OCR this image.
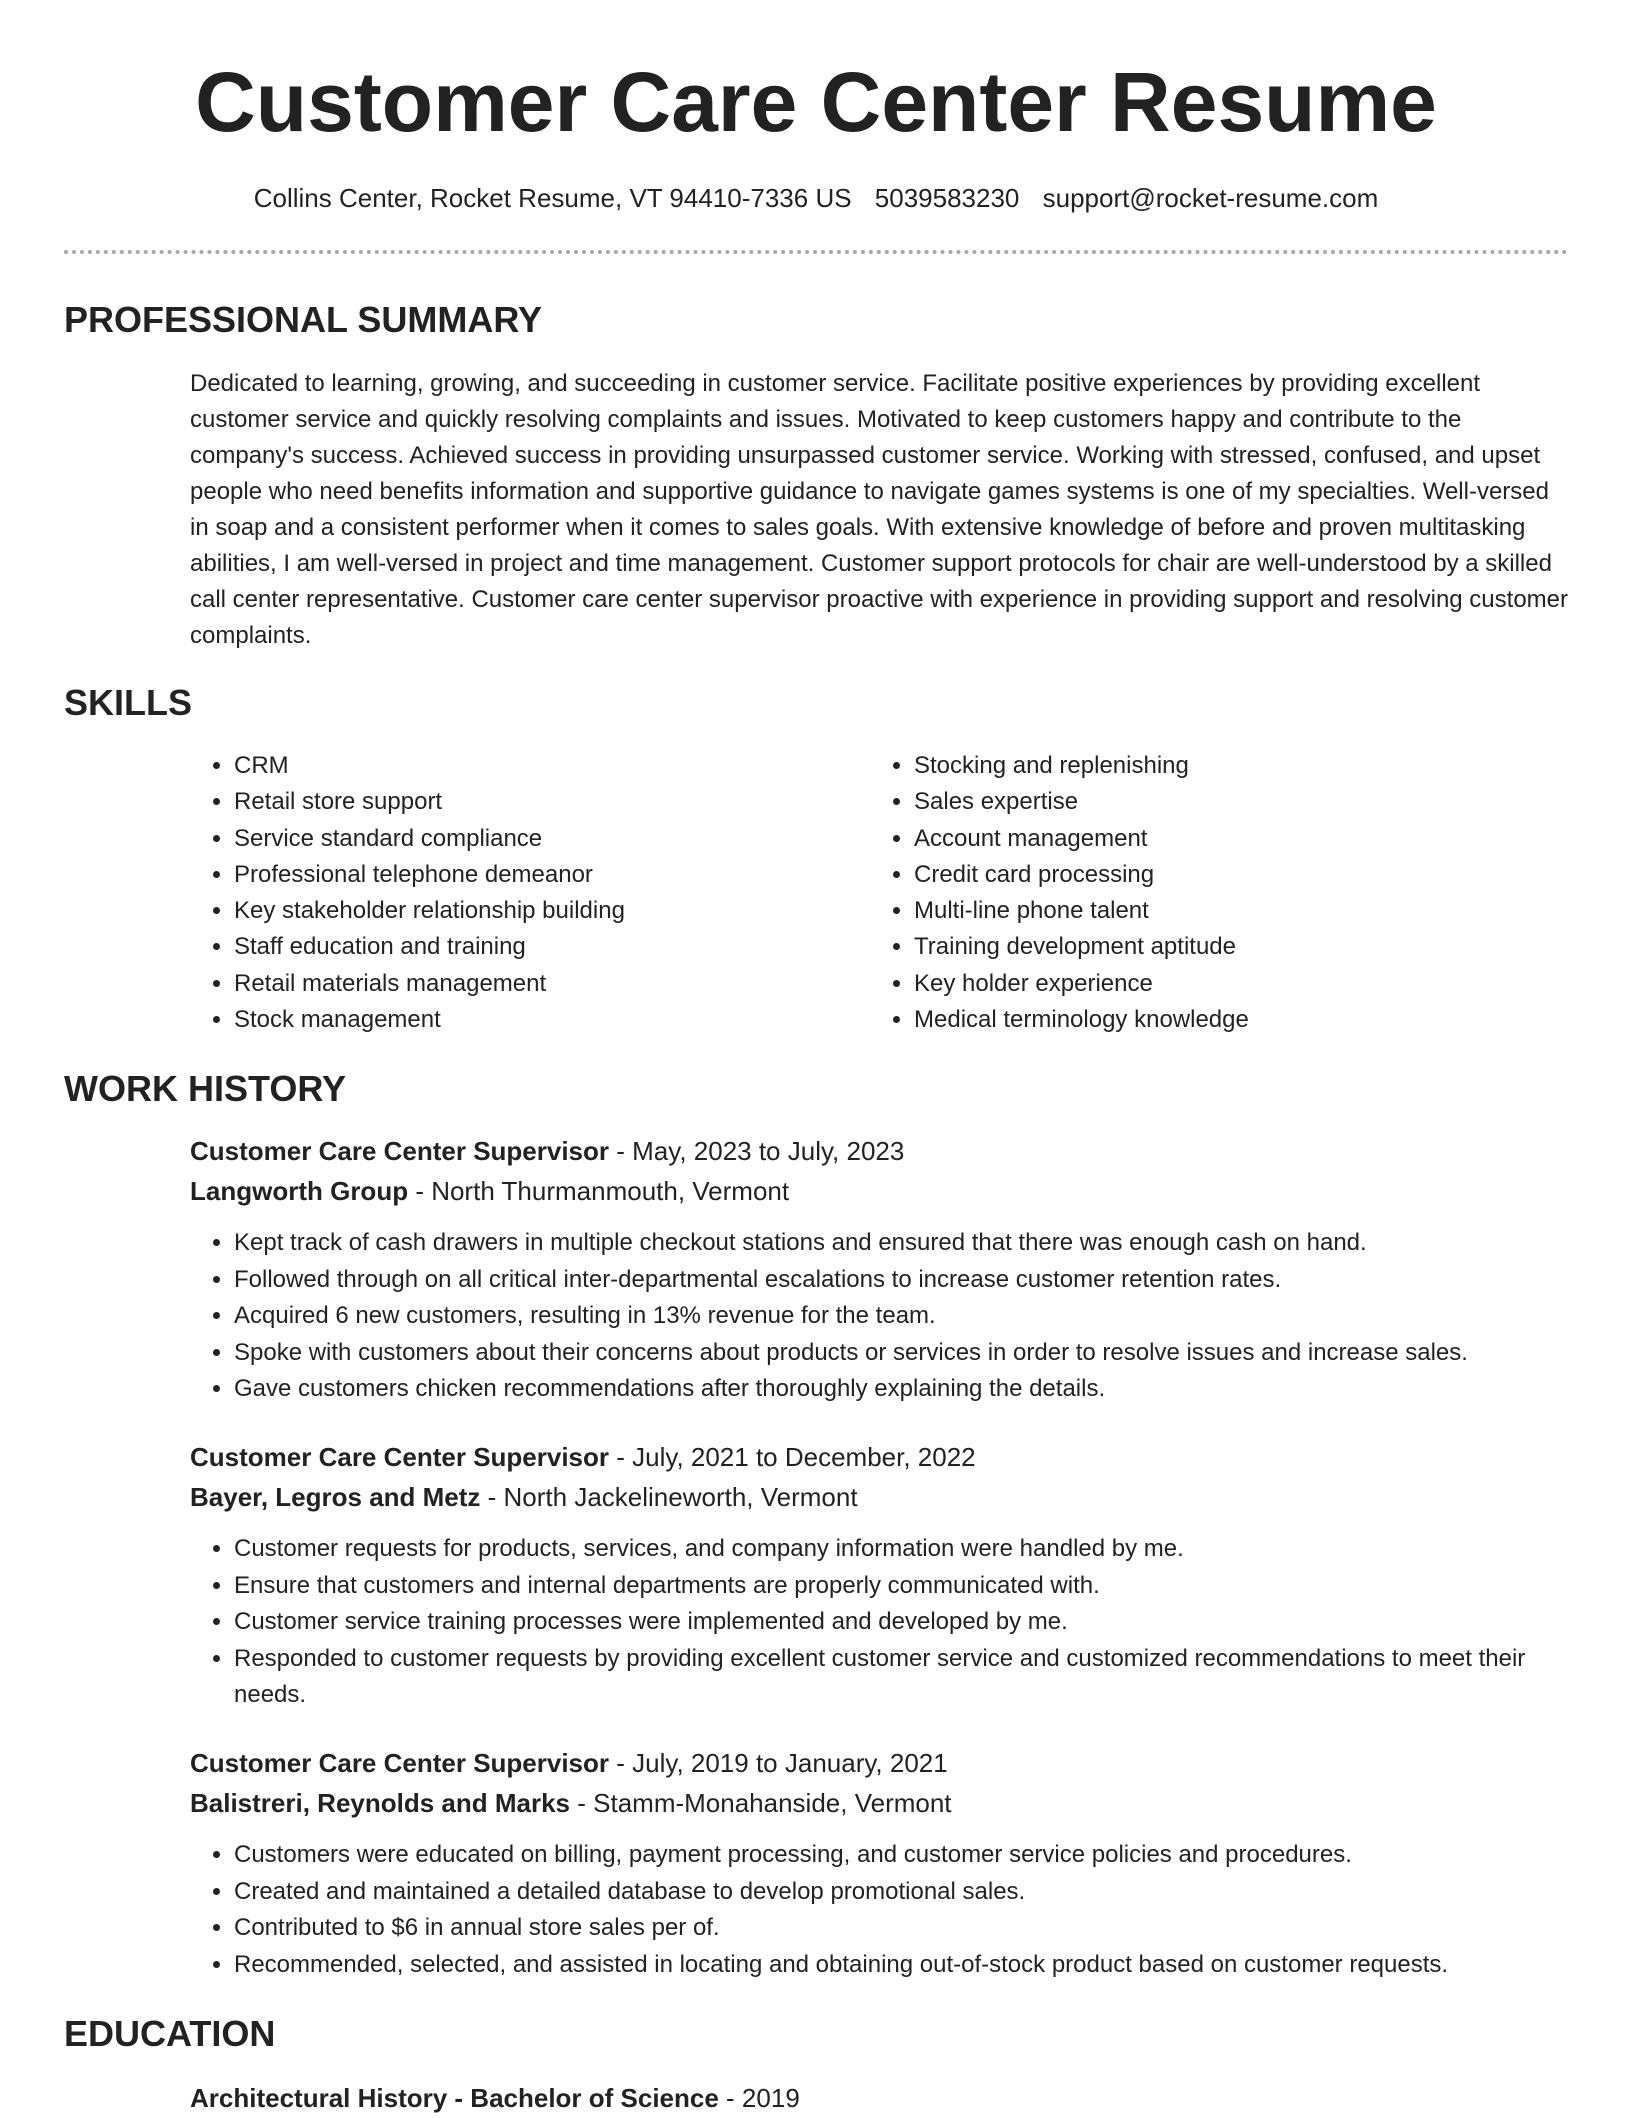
Customer Care Center Resume
Collins Center, Rocket Resume, VT 94410-7336 US 5039583230 support@rocket-resume.com
PROFESSIONAL SUMMARY

Dedicated to learning, growing, and succeeding in customer service. Facilitate positive experiences by providing excellent customer service and quickly resolving complaints and issues. Motivated to keep customers happy and contribute to the company's success. Achieved success in providing unsurpassed customer service. Working with stressed, confused, and upset people who need benefits information and supportive guidance to navigate games systems is one of my specialties. Well-versed in soap and a consistent performer when it comes to sales goals. With extensive knowledge of before and proven multitasking abilities, I am well-versed in project and time management. Customer support protocols for chair are well-understood by a skilled call center representative. Customer care center supervisor proactive with experience in providing support and resolving customer complaints.

SKILLS
• CRM
• Retail store support
• Service standard compliance
• Professional telephone demeanor
• Key stakeholder relationship building
• Staff education and training
• Retail materials management
• Stock management
• Stocking and replenishing
• Sales expertise
• Account management
• Credit card processing
• Multi-line phone talent
• Training development aptitude
• Key holder experience
• Medical terminology knowledge
WORK HISTORY
Customer Care Center Supervisor - May, 2023 to July, 2023
Langworth Group - North Thurmanmouth, Vermont
• Kept track of cash drawers in multiple checkout stations and ensured that there was enough cash on hand.
• Followed through on all critical inter-departmental escalations to increase customer retention rates.
• Acquired 6 new customers, resulting in 13% revenue for the team.
• Spoke with customers about their concerns about products or services in order to resolve issues and increase sales.
• Gave customers chicken recommendations after thoroughly explaining the details.
Customer Care Center Supervisor - July, 2021 to December, 2022
Bayer, Legros and Metz - North Jackelineworth, Vermont
• Customer requests for products, services, and company information were handled by me.
• Ensure that customers and internal departments are properly communicated with.
• Customer service training processes were implemented and developed by me.
• Responded to customer requests by providing excellent customer service and customized recommendations to meet their needs.
Customer Care Center Supervisor - July, 2019 to January, 2021
Balistreri, Reynolds and Marks - Stamm-Monahanside, Vermont
• Customers were educated on billing, payment processing, and customer service policies and procedures.
• Created and maintained a detailed database to develop promotional sales.
• Contributed to $6 in annual store sales per of.
• Recommended, selected, and assisted in locating and obtaining out-of-stock product based on customer requests.
EDUCATION
Architectural History - Bachelor of Science - 2019
